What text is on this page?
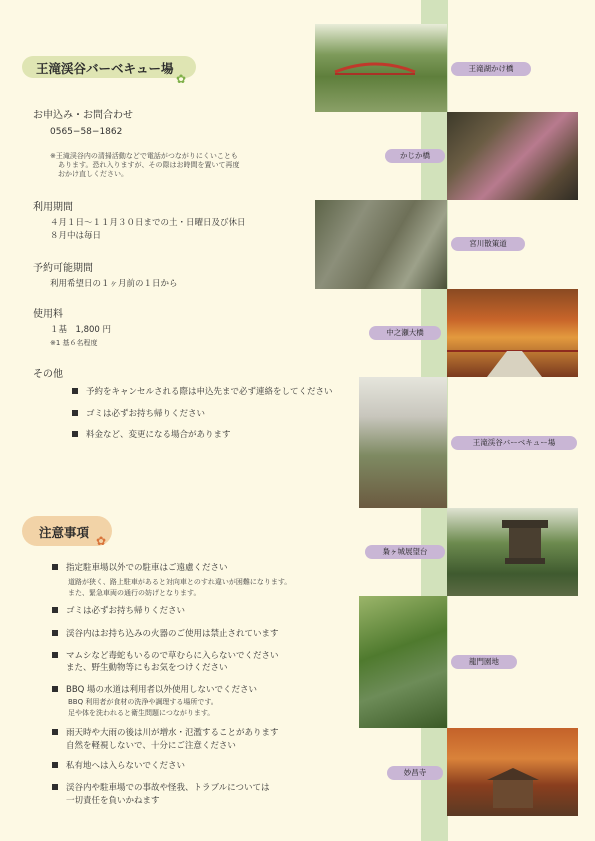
王滝渓谷バーベキュー場
✿
お申込み・お問合わせ
0565−58−1862
※王滝渓谷内の清掃活動などで電話がつながりにくいことも
あります。恐れ入りますが、その際はお時間を置いて再度
おかけ直しください。
利用期間
４月１日〜１１月３０日までの土・日曜日及び休日
８月中は毎日
予約可能期間
利用希望日の１ヶ月前の１日から
使用料
１基　1,800 円
※1 基６名程度
その他
予約をキャンセルされる際は申込先まで必ず連絡をしてください
ゴミは必ずお持ち帰りください
料金など、変更になる場合があります
注意事項
✿
指定駐車場以外での駐車はご遠慮ください
道路が狭く、路上駐車があると対向車とのすれ違いが困難になります。
また、緊急車両の通行の妨げとなります。
ゴミは必ずお持ち帰りください
渓谷内はお持ち込みの火器のご使用は禁止されています
マムシなど毒蛇もいるので草むらに入らないでください
また、野生動物等にもお気をつけください
BBQ 場の水道は利用者以外使用しないでください
BBQ 利用者が食材の洗浄や調理する場所です。
足や体を洗われると衛生問題につながります。
雨天時や大雨の後は川が増水・氾濫することがあります
自然を軽視しないで、十分にご注意ください
私有地へは入らないでください
渓谷内や駐車場での事故や怪我、トラブルについては
一切責任を負いかねます
王滝湖かけ橋
かじか橋
宮川散策道
中之瀬大橋
王滝渓谷バーベキュー場
梟ヶ城展望台
龍門園地
妙昌寺
